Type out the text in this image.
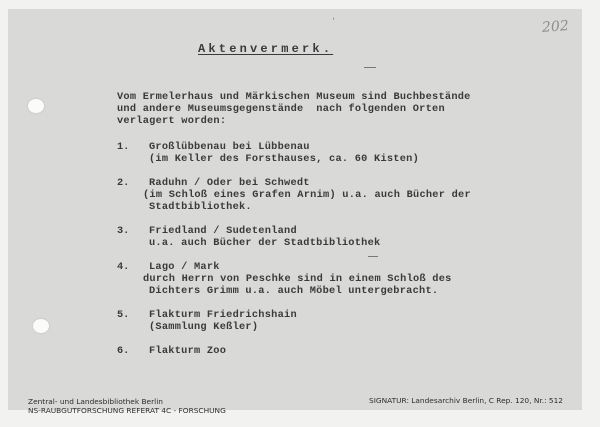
202
ˈ
Aktenvermerk.
Vom Ermelerhaus und Märkischen Museum sind Buchbestände
und andere Museumsgegenstände  nach folgenden Orten
verlagert worden:
1. Großlübbenau bei Lübbenau
(im Keller des Forsthauses, ca. 60 Kisten)
2. Raduhn / Oder bei Schwedt
(im Schloß eines Grafen Arnim) u.a. auch Bücher der
Stadtbibliothek.
3. Friedland / Sudetenland
u.a. auch Bücher der Stadtbibliothek
4. Lago / Mark
durch Herrn von Peschke sind in einem Schloß des
Dichters Grimm u.a. auch Möbel untergebracht.
5. Flakturm Friedrichshain
(Sammlung Keßler)
6. Flakturm Zoo
Zentral- und Landesbibliothek Berlin
NS-RAUBGUTFORSCHUNG REFERAT 4C - FORSCHUNG
SIGNATUR: Landesarchiv Berlin, C Rep. 120, Nr.: 512
